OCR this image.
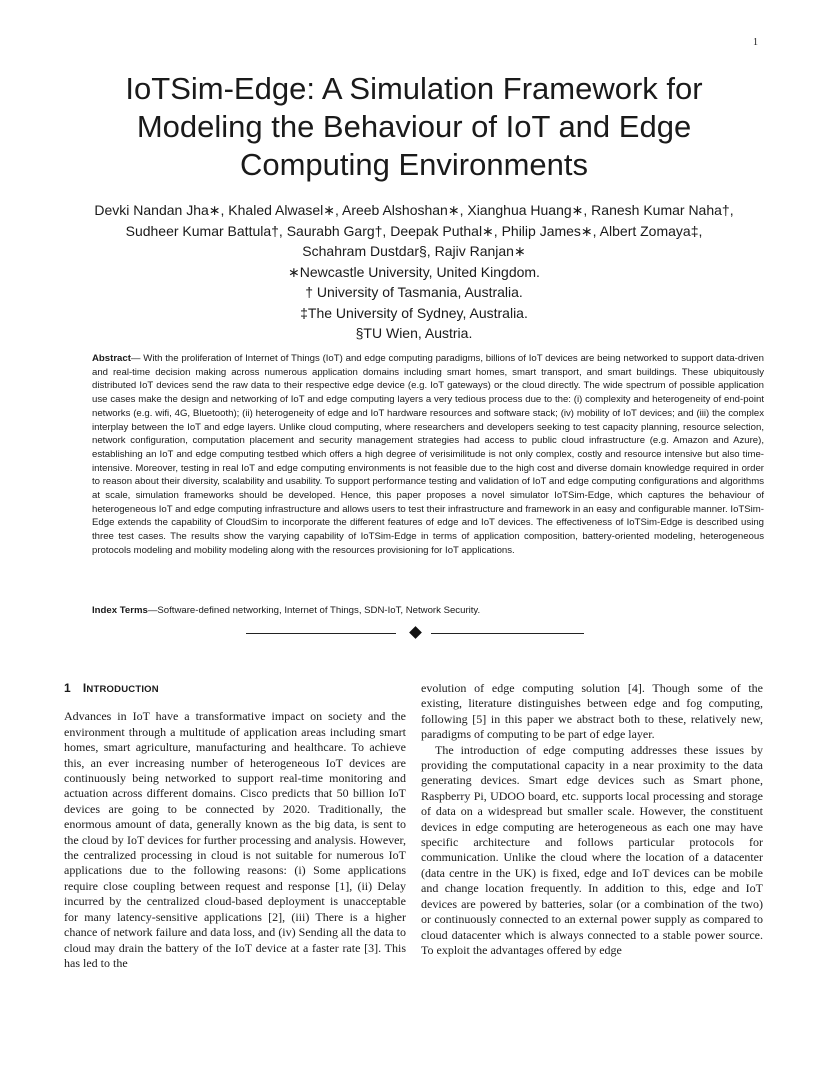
1
IoTSim-Edge: A Simulation Framework for
Modeling the Behaviour of IoT and Edge
Computing Environments
Devki Nandan Jha∗, Khaled Alwasel∗, Areeb Alshoshan∗, Xianghua Huang∗, Ranesh Kumar Naha†,
Sudheer Kumar Battula†, Saurabh Garg†, Deepak Puthal∗, Philip James∗, Albert Zomaya‡,
Schahram Dustdar§, Rajiv Ranjan∗
∗Newcastle University, United Kingdom.
† University of Tasmania, Australia.
‡The University of Sydney, Australia.
§TU Wien, Austria.

Abstract— With the proliferation of Internet of Things (IoT) and edge computing paradigms, billions of IoT devices are being networked to support data-driven and real-time decision making across numerous application domains including smart homes, smart transport, and smart buildings. These ubiquitously distributed IoT devices send the raw data to their respective edge device (e.g. IoT gateways) or the cloud directly. The wide spectrum of possible application use cases make the design and networking of IoT and edge computing layers a very tedious process due to the: (i) complexity and heterogeneity of end-point networks (e.g. wifi, 4G, Bluetooth); (ii) heterogeneity of edge and IoT hardware resources and software stack; (iv) mobility of IoT devices; and (iii) the complex interplay between the IoT and edge layers. Unlike cloud computing, where researchers and developers seeking to test capacity planning, resource selection, network configuration, computation placement and security management strategies had access to public cloud infrastructure (e.g. Amazon and Azure), establishing an IoT and edge computing testbed which offers a high degree of verisimilitude is not only complex, costly and resource intensive but also time-intensive. Moreover, testing in real IoT and edge computing environments is not feasible due to the high cost and diverse domain knowledge required in order to reason about their diversity, scalability and usability. To support performance testing and validation of IoT and edge computing configurations and algorithms at scale, simulation frameworks should be developed. Hence, this paper proposes a novel simulator IoTSim-Edge, which captures the behaviour of heterogeneous IoT and edge computing infrastructure and allows users to test their infrastructure and framework in an easy and configurable manner. IoTSim-Edge extends the capability of CloudSim to incorporate the different features of edge and IoT devices. The effectiveness of IoTSim-Edge is described using three test cases. The results show the varying capability of IoTSim-Edge in terms of application composition, battery-oriented modeling, heterogeneous protocols modeling and mobility modeling along with the resources provisioning for IoT applications.

Index Terms—Software-defined networking, Internet of Things, SDN-IoT, Network Security.

1 INTRODUCTION

Advances in IoT have a transformative impact on society and the environment through a multitude of application areas including smart homes, smart agriculture, manufacturing and healthcare. To achieve this, an ever increasing number of heterogeneous IoT devices are continuously being networked to support real-time monitoring and actuation across different domains. Cisco predicts that 50 billion IoT devices are going to be connected by 2020. Traditionally, the enormous amount of data, generally known as the big data, is sent to the cloud by IoT devices for further processing and analysis. However, the centralized processing in cloud is not suitable for numerous IoT applications due to the following reasons: (i) Some applications require close coupling between request and response [1], (ii) Delay incurred by the centralized cloud-based deployment is unacceptable for many latency-sensitive applications [2], (iii) There is a higher chance of network failure and data loss, and (iv) Sending all the data to cloud may drain the battery of the IoT device at a faster rate [3]. This has led to the

evolution of edge computing solution [4]. Though some of the existing, literature distinguishes between edge and fog computing, following [5] in this paper we abstract both to these, relatively new, paradigms of computing to be part of edge layer.

The introduction of edge computing addresses these issues by providing the computational capacity in a near proximity to the data generating devices. Smart edge devices such as Smart phone, Raspberry Pi, UDOO board, etc. supports local processing and storage of data on a widespread but smaller scale. However, the constituent devices in edge computing are heterogeneous as each one may have specific architecture and follows particular protocols for communication. Unlike the cloud where the location of a datacenter (data centre in the UK) is fixed, edge and IoT devices can be mobile and change location frequently. In addition to this, edge and IoT devices are powered by batteries, solar (or a combination of the two) or continuously connected to an external power supply as compared to cloud datacenter which is always connected to a stable power source. To exploit the advantages offered by edge
